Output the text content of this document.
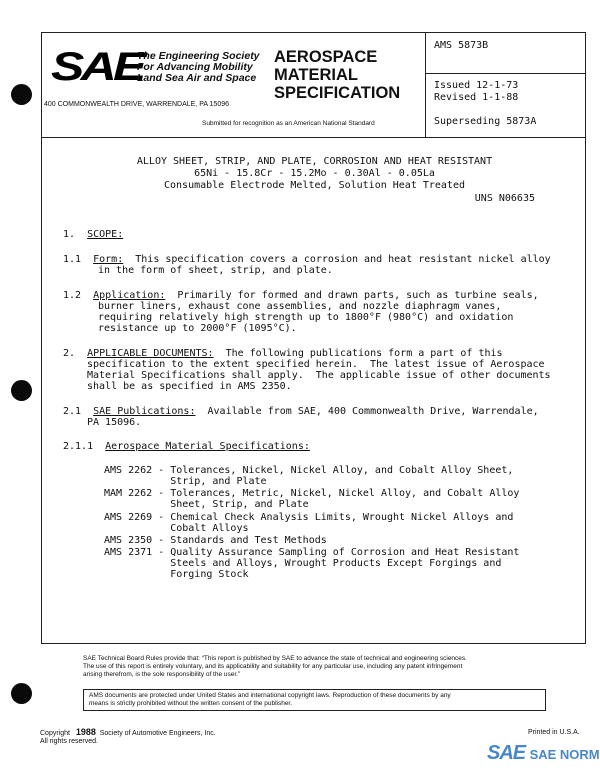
SAE
The Engineering Society
For Advancing Mobility
Land Sea Air and Space
400 COMMONWEALTH DRIVE, WARRENDALE, PA 15096
AEROSPACE
MATERIAL
SPECIFICATION
Submitted for recognition as an American National Standard
AMS 5873B
Issued 12-1-73
Revised 1-1-88
Superseding 5873A
ALLOY SHEET, STRIP, AND PLATE, CORROSION AND HEAT RESISTANT
65Ni - 15.8Cr - 15.2Mo - 0.30Al - 0.05La
Consumable Electrode Melted, Solution Heat Treated
UNS N06635
1. SCOPE:
1.1 Form: This specification covers a corrosion and heat resistant nickel alloy
in the form of sheet, strip, and plate.
1.2 Application: Primarily for formed and drawn parts, such as turbine seals,
burner liners, exhaust cone assemblies, and nozzle diaphragm vanes,
requiring relatively high strength up to 1800°F (980°C) and oxidation
resistance up to 2000°F (1095°C).
2. APPLICABLE DOCUMENTS: The following publications form a part of this
specification to the extent specified herein.  The latest issue of Aerospace
Material Specifications shall apply.  The applicable issue of other documents
shall be as specified in AMS 2350.
2.1 SAE Publications: Available from SAE, 400 Commonwealth Drive, Warrendale,
PA 15096.
2.1.1 Aerospace Material Specifications:
AMS 2262 - Tolerances, Nickel, Nickel Alloy, and Cobalt Alloy Sheet,
Strip, and Plate
MAM 2262 - Tolerances, Metric, Nickel, Nickel Alloy, and Cobalt Alloy
Sheet, Strip, and Plate
AMS 2269 - Chemical Check Analysis Limits, Wrought Nickel Alloys and
Cobalt Alloys
AMS 2350 - Standards and Test Methods
AMS 2371 - Quality Assurance Sampling of Corrosion and Heat Resistant
Steels and Alloys, Wrought Products Except Forgings and
Forging Stock
SAE Technical Board Rules provide that: “This report is published by SAE to advance the state of technical and engineering sciences.
The use of this report is entirely voluntary, and its applicability and suitability for any particular use, including any patent infringement
arising therefrom, is the sole responsibility of the user.”
AMS documents are protected under United States and international copyright laws. Reproduction of these documents by any
means is strictly prohibited without the written consent of the publisher.
Copyright 1988 Society of Automotive Engineers, Inc.
All rights reserved.
Printed in U.S.A.
SAE SAE NORM
